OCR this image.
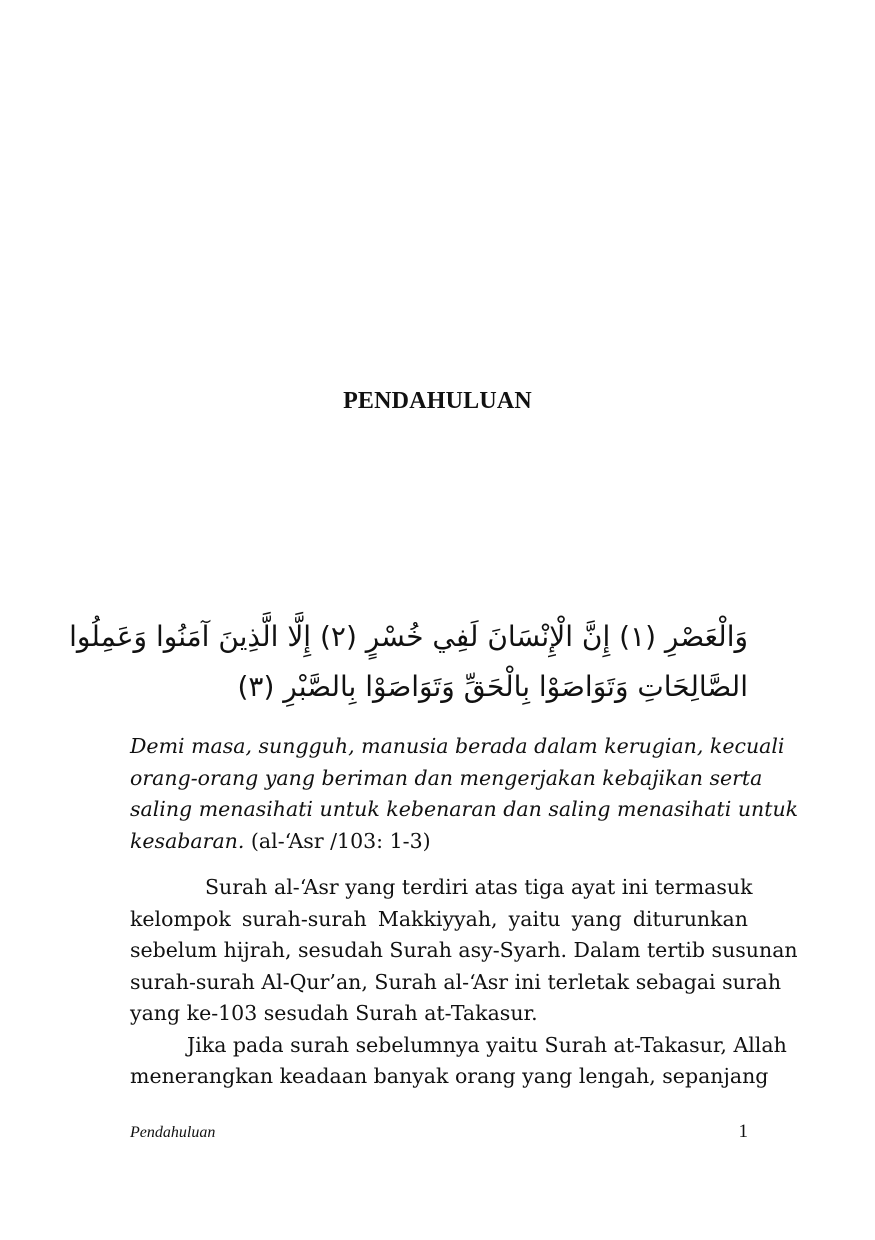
PENDAHULUAN
وَالْعَصْرِ (١) إِنَّ الْإِنْسَانَ لَفِي خُسْرٍ (٢) إِلَّا الَّذِينَ آمَنُوا وَعَمِلُوا
الصَّالِحَاتِ وَتَوَاصَوْا بِالْحَقِّ وَتَوَاصَوْا بِالصَّبْرِ (٣)
Demi masa, sungguh, manusia berada dalam kerugian, kecuali
orang-orang yang beriman dan mengerjakan kebajikan serta
saling menasihati untuk kebenaran dan saling menasihati untuk
kesabaran. (al-‘Asr /103: 1-3)
Surah al-‘Asr yang terdiri atas tiga ayat ini termasuk
kelompok surah-surah Makkiyyah, yaitu yang diturunkan
sebelum hijrah, sesudah Surah asy-Syarh. Dalam tertib susunan
surah-surah Al-Qur’an, Surah al-‘Asr ini terletak sebagai surah
yang ke-103 sesudah Surah at-Takasur.
Jika pada surah sebelumnya yaitu Surah at-Takasur, Allah
menerangkan keadaan banyak orang yang lengah, sepanjang
Pendahuluan	1
